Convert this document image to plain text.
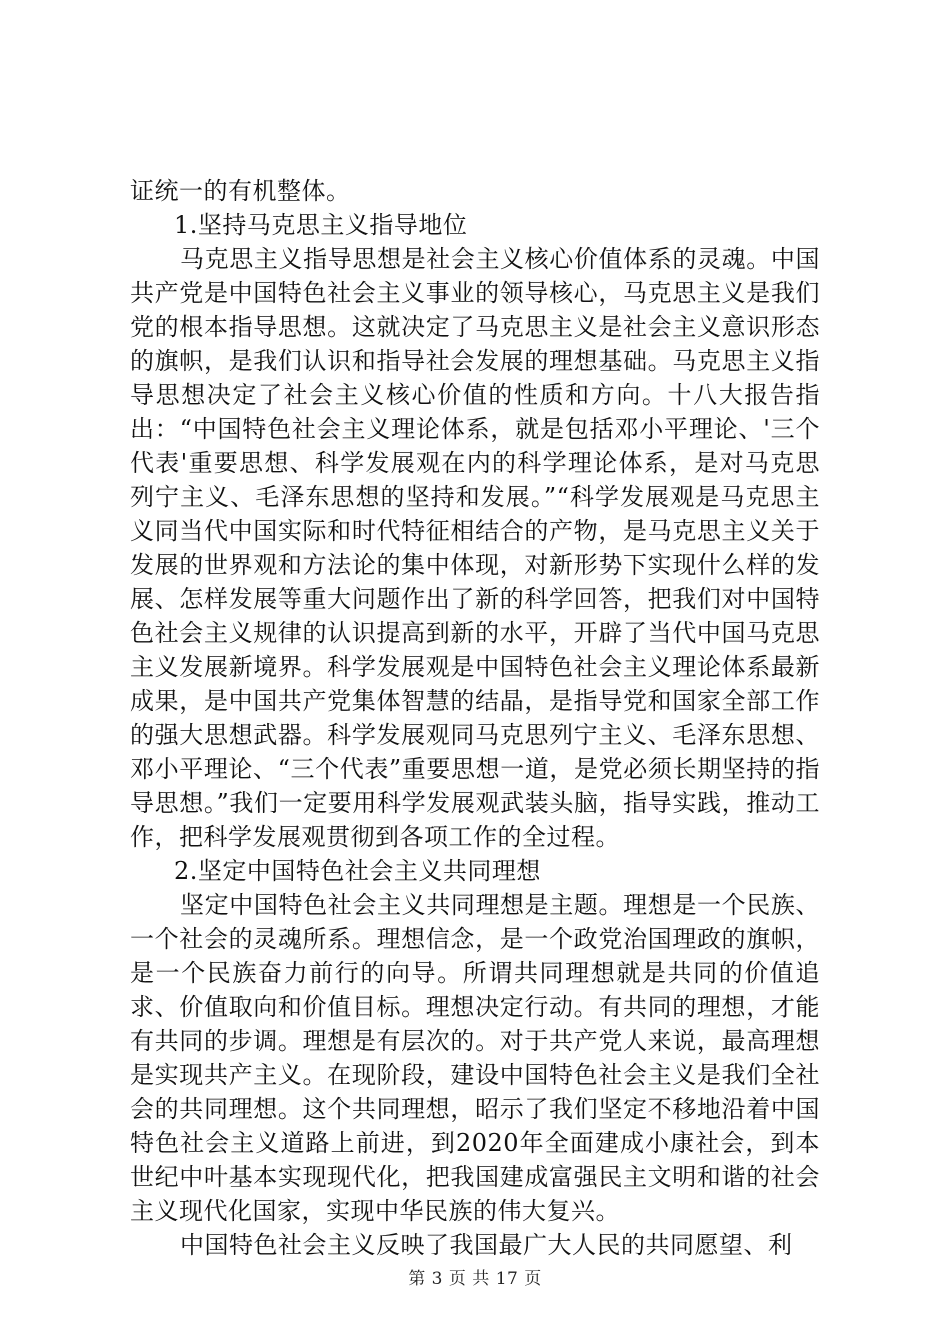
证统一的有机整体。

1.坚持马克思主义指导地位

马克思主义指导思想是社会主义核心价值体系的灵魂。中国共产党是中国特色社会主义事业的领导核心，马克思主义是我们党的根本指导思想。这就决定了马克思主义是社会主义意识形态的旗帜，是我们认识和指导社会发展的理想基础。马克思主义指导思想决定了社会主义核心价值的性质和方向。十八大报告指出：“中国特色社会主义理论体系，就是包括邓小平理论、'三个代表'重要思想、科学发展观在内的科学理论体系，是对马克思列宁主义、毛泽东思想的坚持和发展。”“科学发展观是马克思主义同当代中国实际和时代特征相结合的产物，是马克思主义关于发展的世界观和方法论的集中体现，对新形势下实现什么样的发展、怎样发展等重大问题作出了新的科学回答，把我们对中国特色社会主义规律的认识提高到新的水平，开辟了当代中国马克思主义发展新境界。科学发展观是中国特色社会主义理论体系最新成果，是中国共产党集体智慧的结晶，是指导党和国家全部工作的强大思想武器。科学发展观同马克思列宁主义、毛泽东思想、邓小平理论、“三个代表”重要思想一道，是党必须长期坚持的指导思想。”我们一定要用科学发展观武装头脑，指导实践，推动工作，把科学发展观贯彻到各项工作的全过程。

2.坚定中国特色社会主义共同理想

坚定中国特色社会主义共同理想是主题。理想是一个民族、一个社会的灵魂所系。理想信念，是一个政党治国理政的旗帜，是一个民族奋力前行的向导。所谓共同理想就是共同的价值追求、价值取向和价值目标。理想决定行动。有共同的理想，才能有共同的步调。理想是有层次的。对于共产党人来说，最高理想是实现共产主义。在现阶段，建设中国特色社会主义是我们全社会的共同理想。这个共同理想，昭示了我们坚定不移地沿着中国特色社会主义道路上前进，到2020年全面建成小康社会，到本世纪中叶基本实现现代化，把我国建成富强民主文明和谐的社会主义现代化国家，实现中华民族的伟大复兴。

中国特色社会主义反映了我国最广大人民的共同愿望、利

第 3 页 共 17 页
